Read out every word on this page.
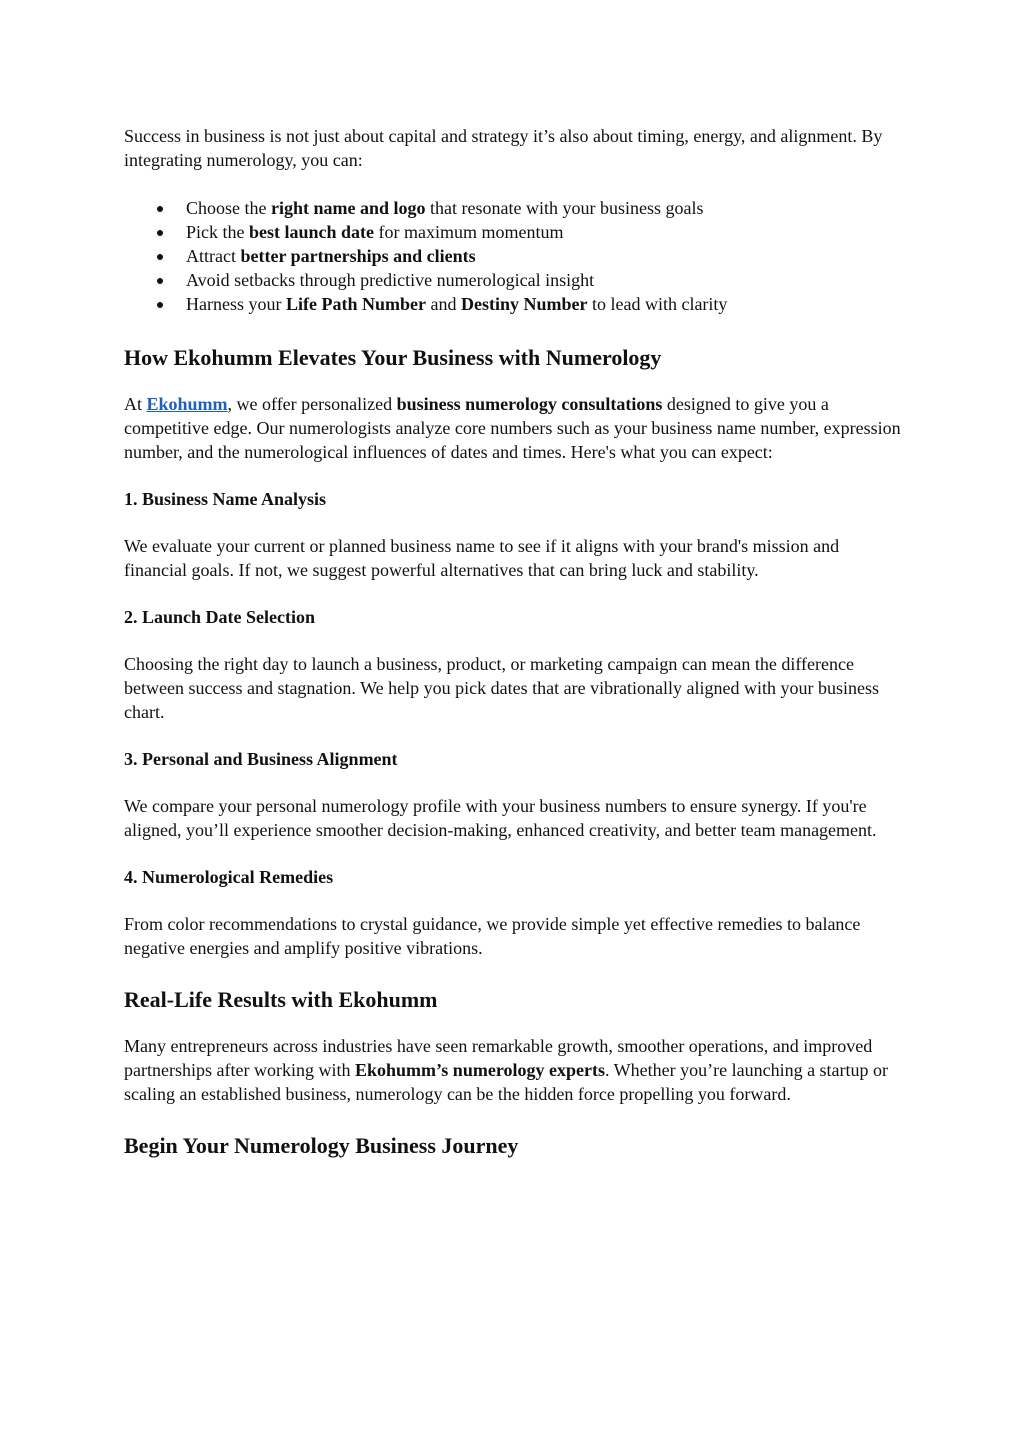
Success in business is not just about capital and strategy it’s also about timing, energy, and alignment. By integrating numerology, you can:

Choose the right name and logo that resonate with your business goals
Pick the best launch date for maximum momentum
Attract better partnerships and clients
Avoid setbacks through predictive numerological insight
Harness your Life Path Number and Destiny Number to lead with clarity
How Ekohumm Elevates Your Business with Numerology

At Ekohumm, we offer personalized business numerology consultations designed to give you a competitive edge. Our numerologists analyze core numbers such as your business name number, expression number, and the numerological influences of dates and times. Here's what you can expect:

1. Business Name Analysis

We evaluate your current or planned business name to see if it aligns with your brand's mission and financial goals. If not, we suggest powerful alternatives that can bring luck and stability.

2. Launch Date Selection

Choosing the right day to launch a business, product, or marketing campaign can mean the difference between success and stagnation. We help you pick dates that are vibrationally aligned with your business chart.

3. Personal and Business Alignment

We compare your personal numerology profile with your business numbers to ensure synergy. If you're aligned, you’ll experience smoother decision-making, enhanced creativity, and better team management.

4. Numerological Remedies

From color recommendations to crystal guidance, we provide simple yet effective remedies to balance negative energies and amplify positive vibrations.

Real-Life Results with Ekohumm

Many entrepreneurs across industries have seen remarkable growth, smoother operations, and improved partnerships after working with Ekohumm’s numerology experts. Whether you’re launching a startup or scaling an established business, numerology can be the hidden force propelling you forward.

Begin Your Numerology Business Journey
